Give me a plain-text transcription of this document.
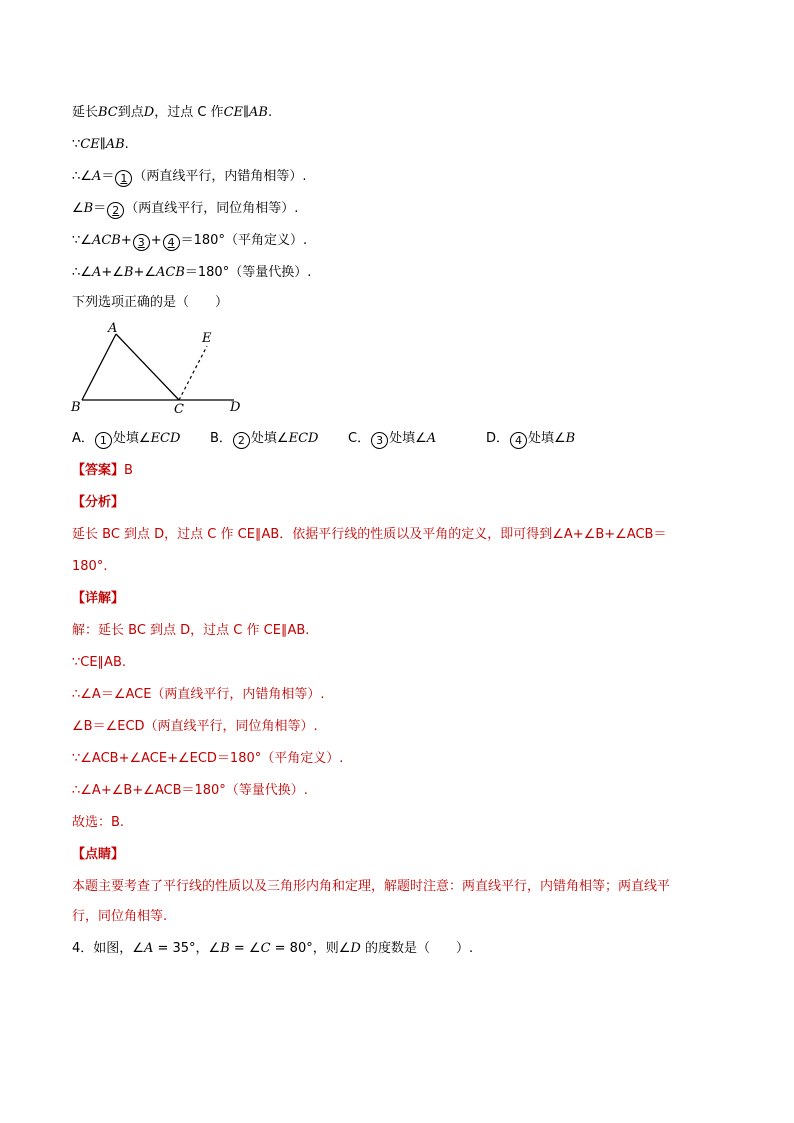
延长BC到点D，过点 C 作CE∥AB.
∵CE∥AB.
∴∠A＝ 1 （两直线平行，内错角相等）.
∠B＝ 2 （两直线平行，同位角相等）.
∵∠ACB+ 3 + 4 ＝180°（平角定义）.
∴∠A+∠B+∠ACB＝180°（等量代换）.
下列选项正确的是（　　）
A
B	C	D
E
A． 1 处填∠ECD B． 2 处填∠ECD C． 3 处填∠A	D． 4 处填∠B
【答案】B
【分析】
延长 BC 到点 D，过点 C 作 CE∥AB．依据平行线的性质以及平角的定义，即可得到∠A+∠B+∠ACB＝
180°.
【详解】
解：延长 BC 到点 D，过点 C 作 CE∥AB.
∵CE∥AB.
∴∠A＝∠ACE（两直线平行，内错角相等）.
∠B＝∠ECD（两直线平行，同位角相等）.
∵∠ACB+∠ACE+∠ECD＝180°（平角定义）.
∴∠A+∠B+∠ACB＝180°（等量代换）.
故选：B.
【点睛】
本题主要考查了平行线的性质以及三角形内角和定理，解题时注意：两直线平行，内错角相等；两直线平
行，同位角相等.
4．如图，∠A = 35°，∠B = ∠C = 80°，则∠D 的度数是（　　）.
